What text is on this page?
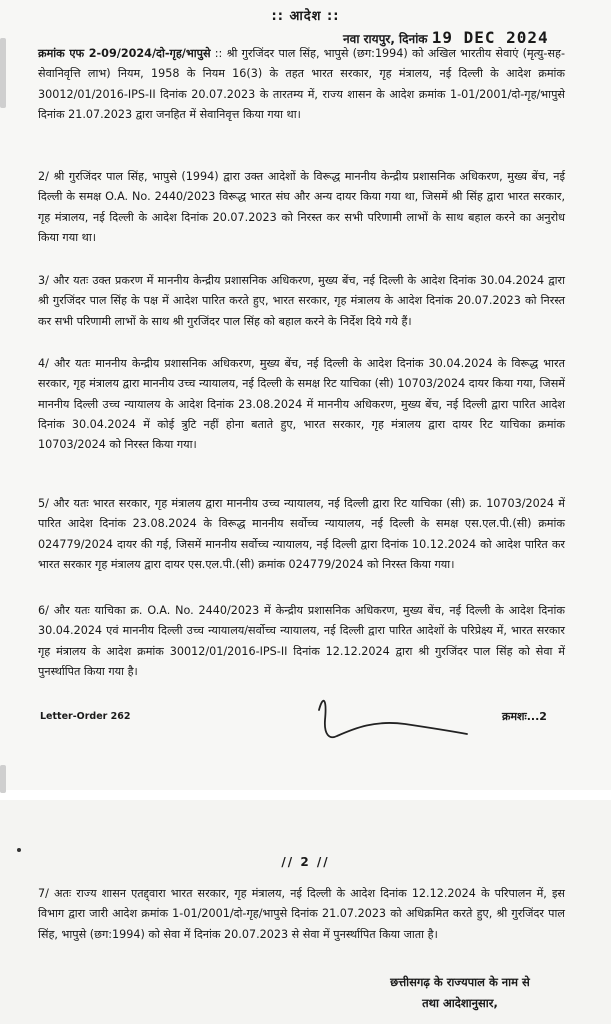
:: आदेश ::
नवा रायपुर, दिनांक 19 DEC 2024

क्रमांक एफ 2-09/2024/दो-गृह/भापुसे :: श्री गुरजिंदर पाल सिंह, भापुसे (छग:1994) को अखिल भारतीय सेवाएं (मृत्यु-सह-सेवानिवृत्ति लाभ) नियम, 1958 के नियम 16(3) के तहत भारत सरकार, गृह मंत्रालय, नई दिल्ली के आदेश क्रमांक 30012/01/2016-IPS-II दिनांक 20.07.2023 के तारतम्य में, राज्य शासन के आदेश क्रमांक 1-01/2001/दो-गृह/भापुसे दिनांक 21.07.2023 द्वारा जनहित में सेवानिवृत्त किया गया था।

2/ श्री गुरजिंदर पाल सिंह, भापुसे (1994) द्वारा उक्त आदेशों के विरूद्ध माननीय केन्द्रीय प्रशासनिक अधिकरण, मुख्य बेंच, नई दिल्ली के समक्ष O.A. No. 2440/2023 विरूद्ध भारत संघ और अन्य दायर किया गया था, जिसमें श्री सिंह द्वारा भारत सरकार, गृह मंत्रालय, नई दिल्ली के आदेश दिनांक 20.07.2023 को निरस्त कर सभी परिणामी लाभों के साथ बहाल करने का अनुरोध किया गया था।

3/ और यतः उक्त प्रकरण में माननीय केन्द्रीय प्रशासनिक अधिकरण, मुख्य बेंच, नई दिल्ली के आदेश दिनांक 30.04.2024 द्वारा श्री गुरजिंदर पाल सिंह के पक्ष में आदेश पारित करते हुए, भारत सरकार, गृह मंत्रालय के आदेश दिनांक 20.07.2023 को निरस्त कर सभी परिणामी लाभों के साथ श्री गुरजिंदर पाल सिंह को बहाल करने के निर्देश दिये गये हैं।

4/ और यतः माननीय केन्द्रीय प्रशासनिक अधिकरण, मुख्य बेंच, नई दिल्ली के आदेश दिनांक 30.04.2024 के विरूद्ध भारत सरकार, गृह मंत्रालय द्वारा माननीय उच्च न्यायालय, नई दिल्ली के समक्ष रिट याचिका (सी) 10703/2024 दायर किया गया, जिसमें माननीय दिल्ली उच्च न्यायालय के आदेश दिनांक 23.08.2024 में माननीय अधिकरण, मुख्य बेंच, नई दिल्ली द्वारा पारित आदेश दिनांक 30.04.2024 में कोई त्रुटि नहीं होना बताते हुए, भारत सरकार, गृह मंत्रालय द्वारा दायर रिट याचिका क्रमांक 10703/2024 को निरस्त किया गया।

5/ और यतः भारत सरकार, गृह मंत्रालय द्वारा माननीय उच्च न्यायालय, नई दिल्ली द्वारा रिट याचिका (सी) क्र. 10703/2024 में पारित आदेश दिनांक 23.08.2024 के विरूद्ध माननीय सर्वोच्च न्यायालय, नई दिल्ली के समक्ष एस.एल.पी.(सी) क्रमांक 024779/2024 दायर की गई, जिसमें माननीय सर्वोच्च न्यायालय, नई दिल्ली द्वारा दिनांक 10.12.2024 को आदेश पारित कर भारत सरकार गृह मंत्रालय द्वारा दायर एस.एल.पी.(सी) क्रमांक 024779/2024 को निरस्त किया गया।

6/ और यतः याचिका क्र. O.A. No. 2440/2023 में केन्द्रीय प्रशासनिक अधिकरण, मुख्य बेंच, नई दिल्ली के आदेश दिनांक 30.04.2024 एवं माननीय दिल्ली उच्च न्यायालय/सर्वोच्च न्यायालय, नई दिल्ली द्वारा पारित आदेशों के परिप्रेक्ष्य में, भारत सरकार गृह मंत्रालय के आदेश क्रमांक 30012/01/2016-IPS-II दिनांक 12.12.2024 द्वारा श्री गुरजिंदर पाल सिंह को सेवा में पुनर्स्थापित किया गया है।

Letter-Order 262	क्रमशः...2
// 2 //

7/ अतः राज्य शासन एतद्द्वारा भारत सरकार, गृह मंत्रालय, नई दिल्ली के आदेश दिनांक 12.12.2024 के परिपालन में, इस विभाग द्वारा जारी आदेश क्रमांक 1-01/2001/दो-गृह/भापुसे दिनांक 21.07.2023 को अधिक्रमित करते हुए, श्री गुरजिंदर पाल सिंह, भापुसे (छग:1994) को सेवा में दिनांक 20.07.2023 से सेवा में पुनर्स्थापित किया जाता है।

छत्तीसगढ़ के राज्यपाल के नाम से
तथा आदेशानुसार,
